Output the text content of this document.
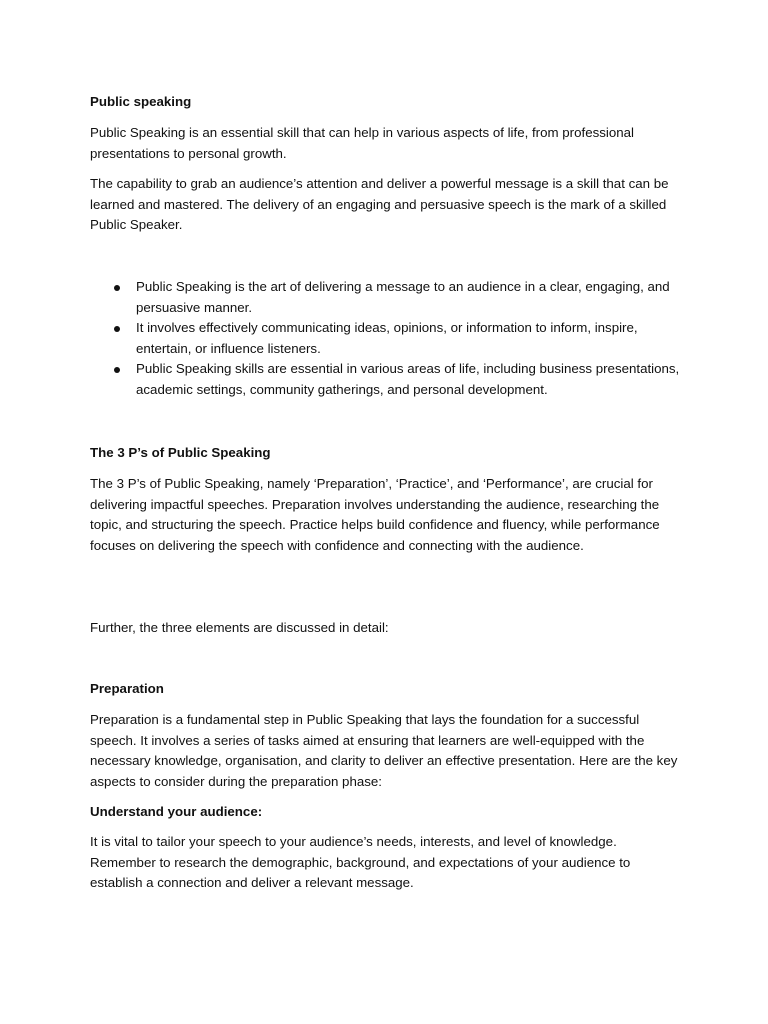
Public speaking

Public Speaking is an essential skill that can help in various aspects of life, from professional presentations to personal growth.

The capability to grab an audience’s attention and deliver a powerful message is a skill that can be learned and mastered. The delivery of an engaging and persuasive speech is the mark of a skilled Public Speaker.

Public Speaking is the art of delivering a message to an audience in a clear, engaging, and persuasive manner.
It involves effectively communicating ideas, opinions, or information to inform, inspire, entertain, or influence listeners.
Public Speaking skills are essential in various areas of life, including business presentations, academic settings, community gatherings, and personal development.

The 3 P’s of Public Speaking

The 3 P’s of Public Speaking, namely ‘Preparation’, ‘Practice’, and ‘Performance’, are crucial for delivering impactful speeches. Preparation involves understanding the audience, researching the topic, and structuring the speech. Practice helps build confidence and fluency, while performance focuses on delivering the speech with confidence and connecting with the audience.

Further, the three elements are discussed in detail:

Preparation

Preparation is a fundamental step in Public Speaking that lays the foundation for a successful speech. It involves a series of tasks aimed at ensuring that learners are well-equipped with the necessary knowledge, organisation, and clarity to deliver an effective presentation. Here are the key aspects to consider during the preparation phase:

Understand your audience:

It is vital to tailor your speech to your audience’s needs, interests, and level of knowledge. Remember to research the demographic, background, and expectations of your audience to establish a connection and deliver a relevant message.
